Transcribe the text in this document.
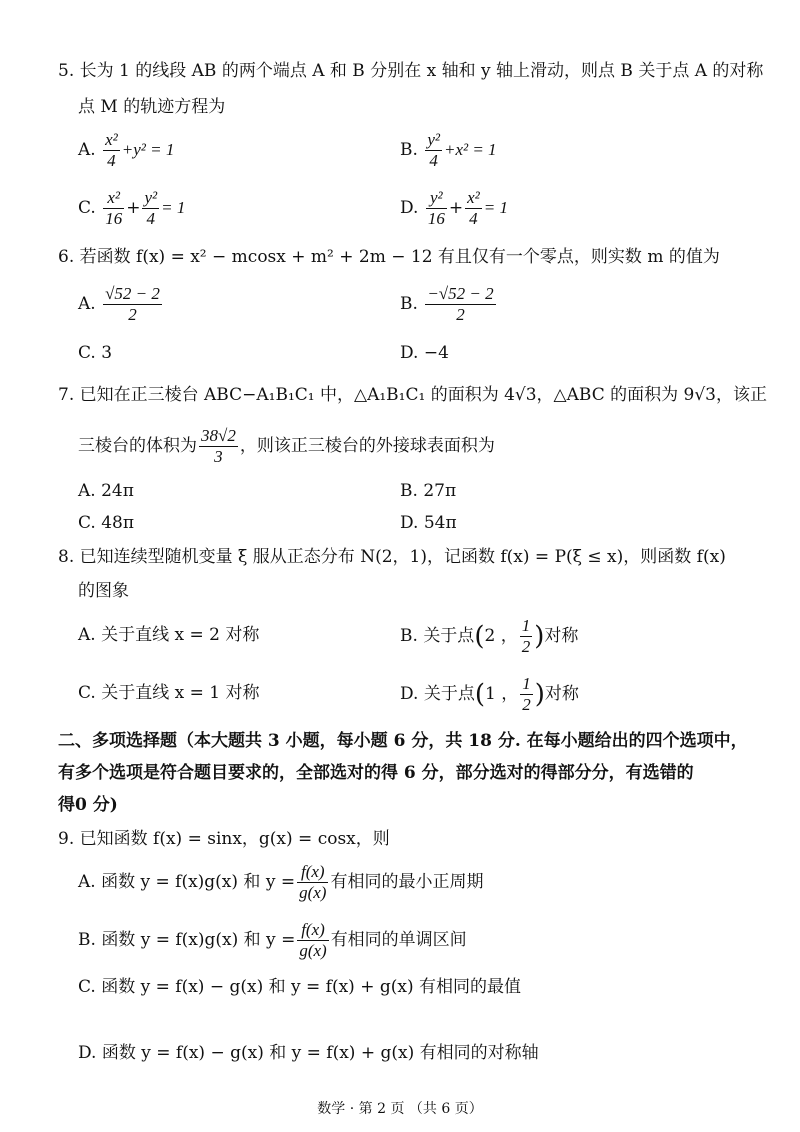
5. 长为 1 的线段 AB 的两个端点 A 和 B 分别在 x 轴和 y 轴上滑动，则点 B 关于点 A 的对称
点 M 的轨迹方程为
A. $\frac{\text{x²}}{4} +y^2 = 1$	B. $\frac{\text{y²}}{4} +x^2 = 1$
C. $\frac{\text{x²}}{16} + \frac{\text{y²}}{4} = 1$	D. $\frac{\text{y²}}{16} + \frac{\text{x²}}{4} = 1$
6. 若函数 f(x) = x² − mcosx + m² + 2m − 12 有且仅有一个零点，则实数 m 的值为
A. $\frac{√52 - 2}{2}$	B. $\frac{-√52 - 2}{2}$
C. 3	D. −4
7. 已知在正三棱台 ABC−A₁B₁C₁ 中，△A₁B₁C₁ 的面积为 4√3，△ABC 的面积为 9√3，该正
三棱台的体积为 $\frac{38√2}{3}$ ，则该正三棱台的外接球表面积为
A. 24π	B. 27π
C. 48π	D. 54π
8. 已知连续型随机变量 ξ 服从正态分布 N(2，1)，记函数 f(x) = P(ξ ≤ x)，则函数 f(x)
的图象
A. 关于直线 x = 2 对称	B. 关于点(2 ， $\frac{1}{2}$ )对称
C. 关于直线 x = 1 对称	D. 关于点(1 ， $\frac{1}{2}$ )对称
二、多项选择题（本大题共 3 小题，每小题 6 分，共 18 分. 在每小题给出的四个选项中，
有多个选项是符合题目要求的，全部选对的得 6 分，部分选对的得部分分，有选错的
得0 分)
9. 已知函数 f(x) = sinx，g(x) = cosx，则
A. 函数 y = f(x)g(x) 和 $y = \frac{f(x)}{g(x)}$ 有相同的最小正周期
B. 函数 y = f(x)g(x) 和 $y = \frac{f(x)}{g(x)}$ 有相同的单调区间
C. 函数 y = f(x) − g(x) 和 y = f(x) + g(x) 有相同的最值
D. 函数 y = f(x) − g(x) 和 y = f(x) + g(x) 有相同的对称轴
数学 · 第 2 页 （共 6 页）
